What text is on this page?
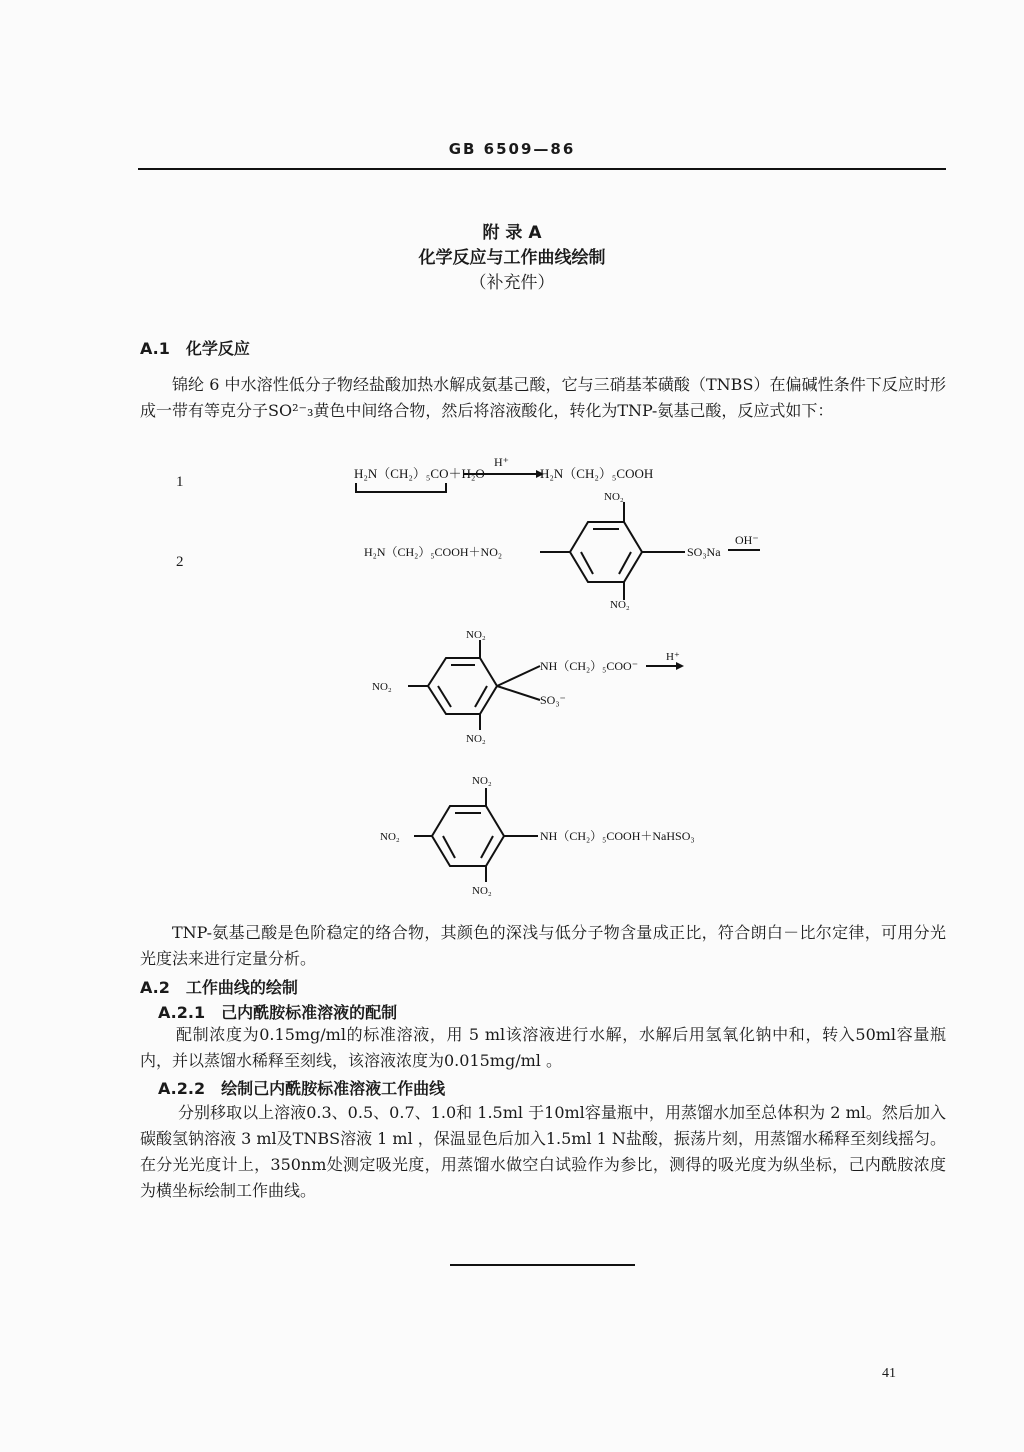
GB 6509—86
附 录 A
化学反应与工作曲线绘制
（补充件）
A.1　化学反应
锦纶 6 中水溶性低分子物经盐酸加热水解成氨基己酸，它与三硝基苯磺酸（TNBS）在偏碱性条件下反应时形成一带有等克分子SO²⁻₃黄色中间络合物，然后将溶液酸化，转化为TNP-氨基己酸，反应式如下：
1
2
H₂N（CH₂）₅CO＋H₂O
H⁺
H₂N（CH₂）₅COOH
NO₂
H₂N（CH₂）₅COOH＋NO₂	SO₃Na
OH⁻
NO₂
NO₂
NO₂
NH（CH₂）₅COO⁻
H⁺
SO₃⁻
NO₂
NO₂
NO₂	NH（CH₂）₅COOH＋NaHSO₃
NO₂
TNP-氨基己酸是色阶稳定的络合物，其颜色的深浅与低分子物含量成正比，符合朗白－比尔定律，可用分光光度法来进行定量分析。
A.2　工作曲线的绘制
A.2.1　己内酰胺标准溶液的配制
配制浓度为0.15mg/ml的标准溶液，用 5 ml该溶液进行水解，水解后用氢氧化钠中和，转入50ml容量瓶内，并以蒸馏水稀释至刻线，该溶液浓度为0.015mg/ml 。
A.2.2　绘制己内酰胺标准溶液工作曲线
分别移取以上溶液0.3、0.5、0.7、1.0和 1.5ml 于10ml容量瓶中，用蒸馏水加至总体积为 2 ml。然后加入碳酸氢钠溶液 3 ml及TNBS溶液 1 ml ，保温显色后加入1.5ml 1 N盐酸，振荡片刻，用蒸馏水稀释至刻线摇匀。在分光光度计上，350nm处测定吸光度，用蒸馏水做空白试验作为参比，测得的吸光度为纵坐标，己内酰胺浓度为横坐标绘制工作曲线。
41
